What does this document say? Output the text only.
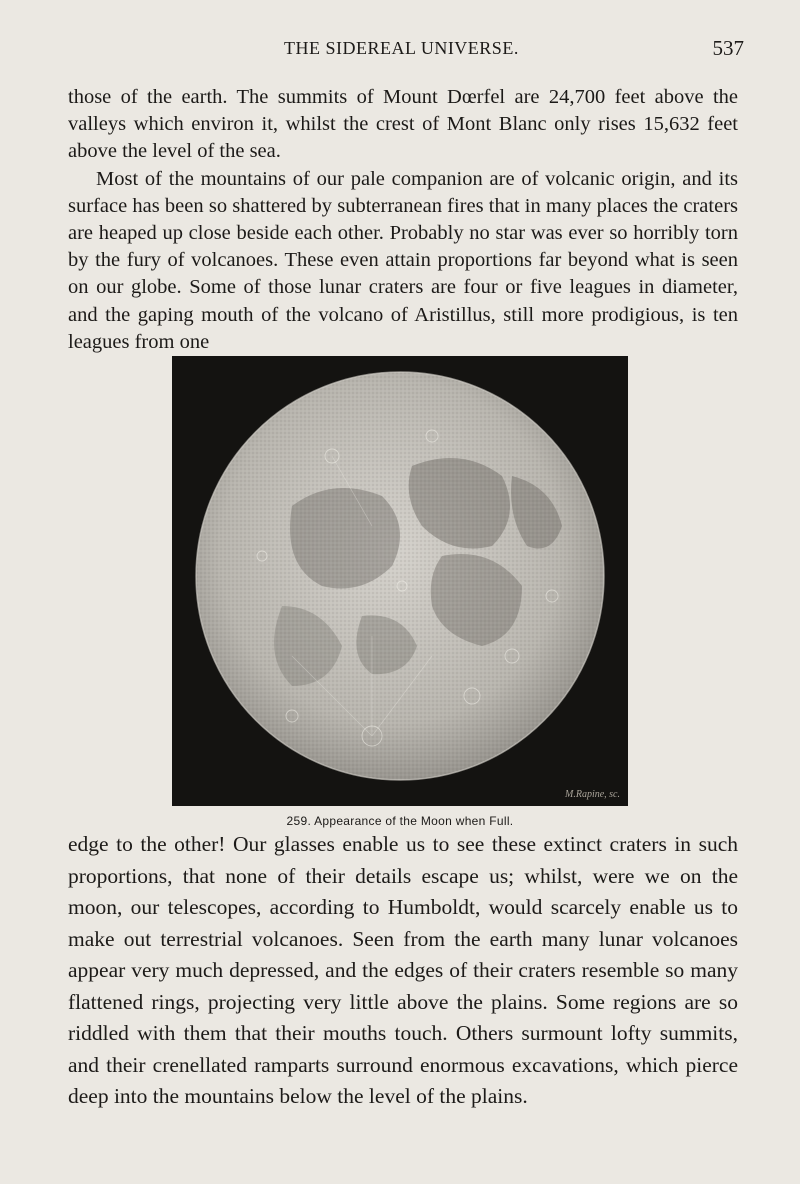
THE SIDEREAL UNIVERSE.	537
those of the earth. The summits of Mount Dœrfel are 24,700 feet above the valleys which environ it, whilst the crest of Mont Blanc only rises 15,632 feet above the level of the sea.
Most of the mountains of our pale companion are of volcanic origin, and its surface has been so shattered by subterranean fires that in many places the craters are heaped up close beside each other. Probably no star was ever so horribly torn by the fury of volcanoes. These even attain proportions far beyond what is seen on our globe. Some of those lunar craters are four or five leagues in diameter, and the gaping mouth of the volcano of Aristillus, still more prodigious, is ten leagues from one
M.Rapine, sc.
259. Appearance of the Moon when Full.

edge to the other! Our glasses enable us to see these extinct craters in such proportions, that none of their details escape us; whilst, were we on the moon, our telescopes, according to Humboldt, would scarcely enable us to make out terrestrial volcanoes. Seen from the earth many lunar volcanoes appear very much depressed, and the edges of their craters resemble so many flattened rings, projecting very little above the plains. Some regions are so riddled with them that their mouths touch. Others surmount lofty summits, and their crenellated ramparts surround enormous excavations, which pierce deep into the mountains below the level of the plains.
